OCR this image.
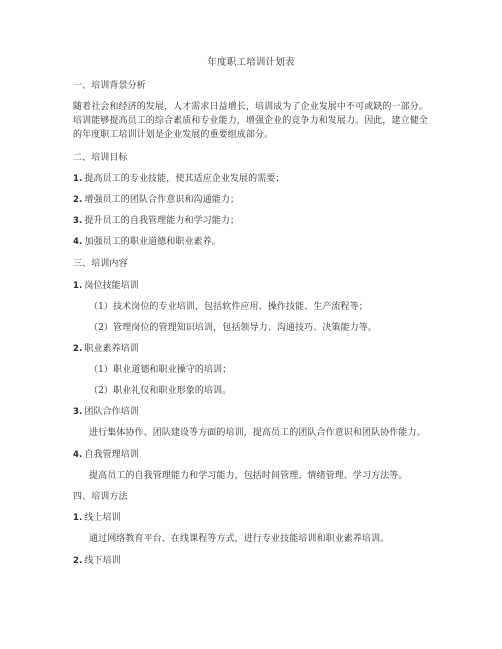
年度职工培训计划表
一、培训背景分析
随着社会和经济的发展，人才需求日益增长，培训成为了企业发展中不可或缺的一部分。
培训能够提高员工的综合素质和专业能力，增强企业的竞争力和发展力。因此，建立健全
的年度职工培训计划是企业发展的重要组成部分。
二、培训目标
1. 提高员工的专业技能，使其适应企业发展的需要；
2. 增强员工的团队合作意识和沟通能力；
3. 提升员工的自我管理能力和学习能力；
4. 加强员工的职业道德和职业素养。
三、培训内容
1. 岗位技能培训
（1）技术岗位的专业培训，包括软件应用、操作技能、生产流程等；
（2）管理岗位的管理知识培训，包括领导力、沟通技巧、决策能力等。
2. 职业素养培训
（1）职业道德和职业操守的培训；
（2）职业礼仪和职业形象的培训。
3. 团队合作培训
进行集体协作、团队建设等方面的培训，提高员工的团队合作意识和团队协作能力。
4. 自我管理培训
提高员工的自我管理能力和学习能力，包括时间管理、情绪管理、学习方法等。
四、培训方法
1. 线上培训
通过网络教育平台、在线课程等方式，进行专业技能培训和职业素养培训。
2. 线下培训
